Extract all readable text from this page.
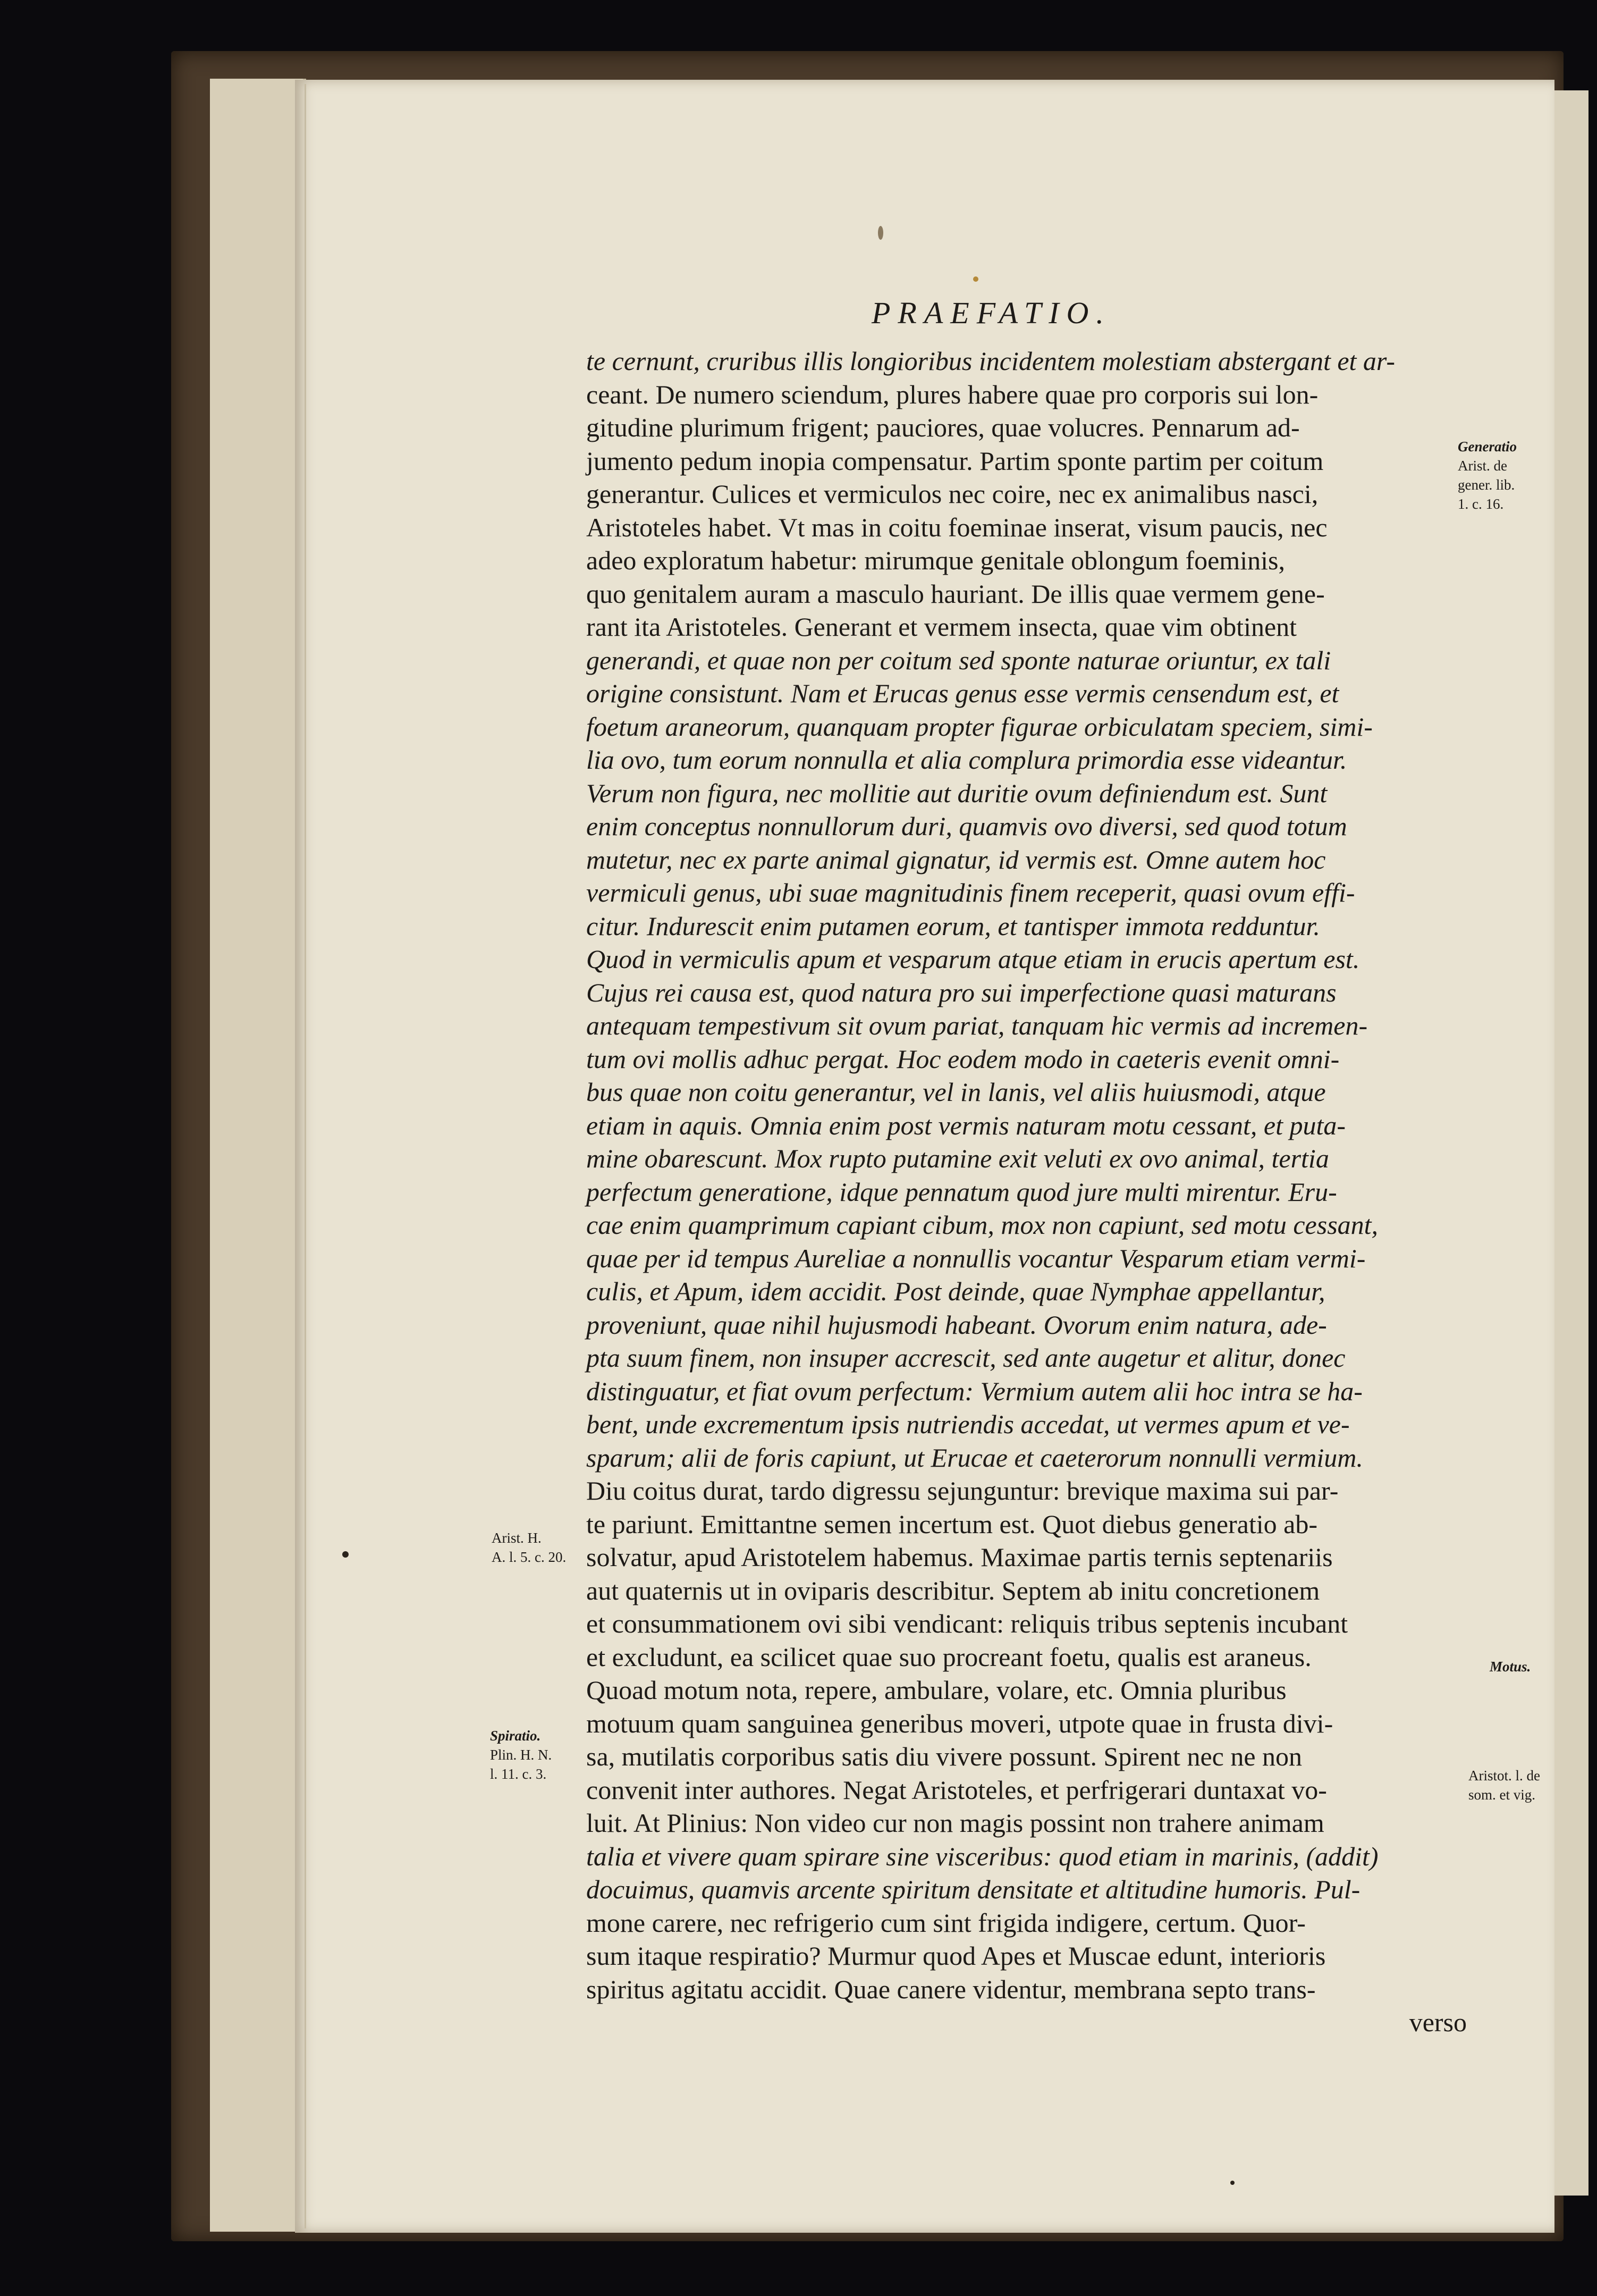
PRAEFATIO.
te cernunt, cruribus illis longioribus incidentem molestiam abstergant et ar-
ceant. De numero sciendum, plures habere quae pro corporis sui lon-
gitudine plurimum frigent; pauciores, quae volucres. Pennarum ad-
jumento pedum inopia compensatur. Partim sponte partim per coitum
generantur. Culices et vermiculos nec coire, nec ex animalibus nasci,
Aristoteles habet. Vt mas in coitu foeminae inserat, visum paucis, nec
adeo exploratum habetur: mirumque genitale oblongum foeminis,
quo genitalem auram a masculo hauriant. De illis quae vermem gene-
rant ita Aristoteles. Generant et vermem insecta, quae vim obtinent
generandi, et quae non per coitum sed sponte naturae oriuntur, ex tali
origine consistunt. Nam et Erucas genus esse vermis censendum est, et
foetum araneorum, quanquam propter figurae orbiculatam speciem, simi-
lia ovo, tum eorum nonnulla et alia complura primordia esse videantur.
Verum non figura, nec mollitie aut duritie ovum definiendum est. Sunt
enim conceptus nonnullorum duri, quamvis ovo diversi, sed quod totum
mutetur, nec ex parte animal gignatur, id vermis est. Omne autem hoc
vermiculi genus, ubi suae magnitudinis finem receperit, quasi ovum effi-
citur. Indurescit enim putamen eorum, et tantisper immota redduntur.
Quod in vermiculis apum et vesparum atque etiam in erucis apertum est.
Cujus rei causa est, quod natura pro sui imperfectione quasi maturans
antequam tempestivum sit ovum pariat, tanquam hic vermis ad incremen-
tum ovi mollis adhuc pergat. Hoc eodem modo in caeteris evenit omni-
bus quae non coitu generantur, vel in lanis, vel aliis huiusmodi, atque
etiam in aquis. Omnia enim post vermis naturam motu cessant, et puta-
mine obarescunt. Mox rupto putamine exit veluti ex ovo animal, tertia
perfectum generatione, idque pennatum quod jure multi mirentur. Eru-
cae enim quamprimum capiant cibum, mox non capiunt, sed motu cessant,
quae per id tempus Aureliae a nonnullis vocantur Vesparum etiam vermi-
culis, et Apum, idem accidit. Post deinde, quae Nymphae appellantur,
proveniunt, quae nihil hujusmodi habeant. Ovorum enim natura, ade-
pta suum finem, non insuper accrescit, sed ante augetur et alitur, donec
distinguatur, et fiat ovum perfectum: Vermium autem alii hoc intra se ha-
bent, unde excrementum ipsis nutriendis accedat, ut vermes apum et ve-
sparum; alii de foris capiunt, ut Erucae et caeterorum nonnulli vermium.
Diu coitus durat, tardo digressu sejunguntur: brevique maxima sui par-
te pariunt. Emittantne semen incertum est. Quot diebus generatio ab-
solvatur, apud Aristotelem habemus. Maximae partis ternis septenariis
aut quaternis ut in oviparis describitur. Septem ab initu concretionem
et consummationem ovi sibi vendicant: reliquis tribus septenis incubant
et excludunt, ea scilicet quae suo procreant foetu, qualis est araneus.
Quoad motum nota, repere, ambulare, volare, etc. Omnia pluribus
motuum quam sanguinea generibus moveri, utpote quae in frusta divi-
sa, mutilatis corporibus satis diu vivere possunt. Spirent nec ne non
convenit inter authores. Negat Aristoteles, et perfrigerari duntaxat vo-
luit. At Plinius: Non video cur non magis possint non trahere animam
talia et vivere quam spirare sine visceribus: quod etiam in marinis, (addit)
docuimus, quamvis arcente spiritum densitate et altitudine humoris. Pul-
mone carere, nec refrigerio cum sint frigida indigere, certum. Quor-
sum itaque respiratio? Murmur quod Apes et Muscae edunt, interioris
spiritus agitatu accidit. Quae canere videntur, membrana septo trans-
verso
Generatio
Arist. de
gener. lib.
1. c. 16.
Arist. H.
A. l. 5. c. 20.
Motus.
Spiratio.
Plin. H. N.
l. 11. c. 3.	Aristot. l. de
som. et vig.
